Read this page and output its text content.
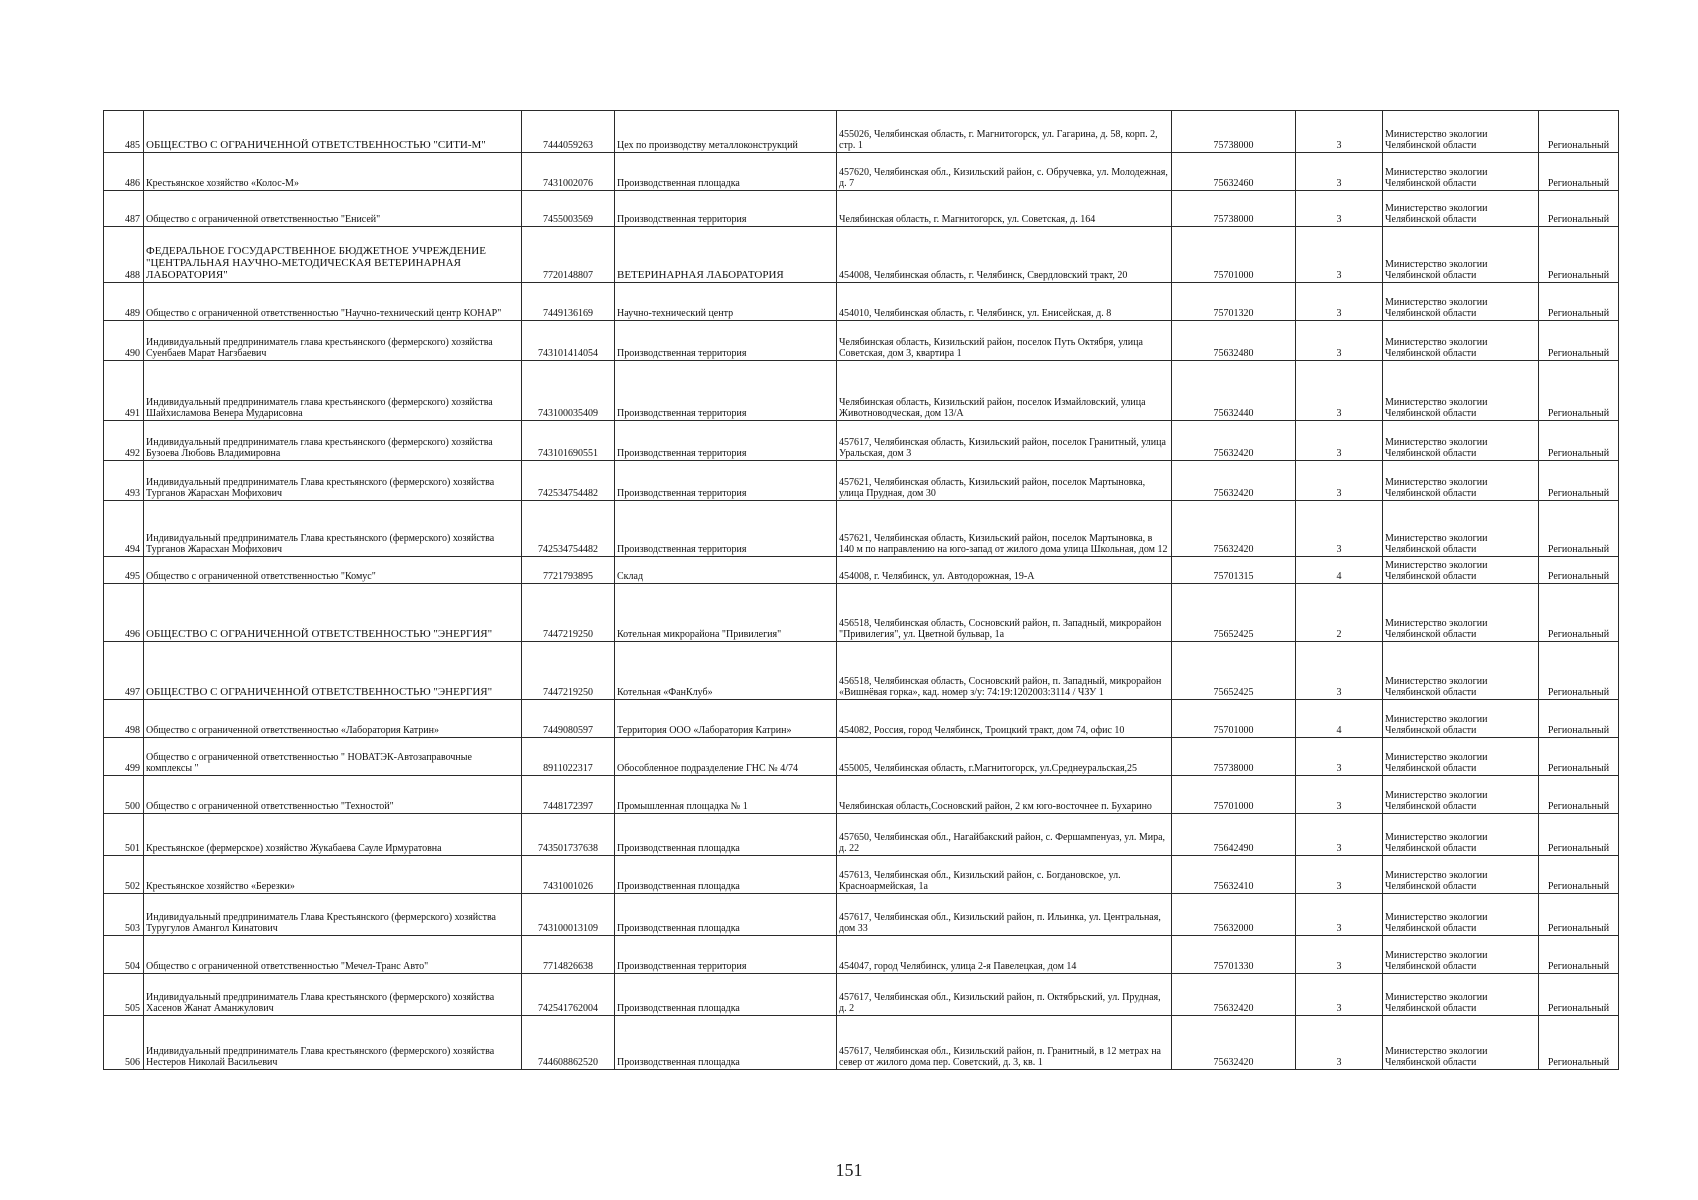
485	ОБЩЕСТВО С ОГРАНИЧЕННОЙ ОТВЕТСТВЕННОСТЬЮ "СИТИ-М"	7444059263	Цех по производству металлоконструкций	455026, Челябинская область, г. Магнитогорск, ул. Гагарина, д. 58, корп. 2, стр. 1	75738000	3	Министерство экологии Челябинской области	Региональный
486	Крестьянское хозяйство «Колос-М»	7431002076	Производственная площадка	457620, Челябинская обл., Кизильский район, с. Обручевка, ул. Молодежная, д. 7	75632460	3	Министерство экологии Челябинской области	Региональный
487	Общество с ограниченной ответственностью "Енисей"	7455003569	Производственная территория	Челябинская область, г. Магнитогорск, ул. Советская, д. 164	75738000	3	Министерство экологии Челябинской области	Региональный
488	ФЕДЕРАЛЬНОЕ ГОСУДАРСТВЕННОЕ БЮДЖЕТНОЕ УЧРЕЖДЕНИЕ "ЦЕНТРАЛЬНАЯ НАУЧНО-МЕТОДИЧЕСКАЯ ВЕТЕРИНАРНАЯ ЛАБОРАТОРИЯ"	7720148807	ВЕТЕРИНАРНАЯ ЛАБОРАТОРИЯ	454008, Челябинская область, г. Челябинск, Свердловский тракт, 20	75701000	3	Министерство экологии Челябинской области	Региональный
489	Общество с ограниченной ответственностью "Научно-технический центр КОНАР"	7449136169	Научно-технический центр	454010, Челябинская область, г. Челябинск, ул. Енисейская, д. 8	75701320	3	Министерство экологии Челябинской области	Региональный
490	Индивидуальный предприниматель глава крестьянского (фермерского) хозяйства Суенбаев Марат Нагзбаевич	743101414054	Производственная территория	Челябинская область, Кизильский район, поселок Путь Октября, улица Советская, дом 3, квартира 1	75632480	3	Министерство экологии Челябинской области	Региональный
491	Индивидуальный предприниматель глава крестьянского (фермерского) хозяйства Шайхисламова Венера Мударисовна	743100035409	Производственная территория	Челябинская область, Кизильский район, поселок Измайловский, улица Животноводческая, дом 13/А	75632440	3	Министерство экологии Челябинской области	Региональный
492	Индивидуальный предприниматель глава крестьянского (фермерского) хозяйства Бузоева Любовь Владимировна	743101690551	Производственная территория	457617, Челябинская область, Кизильский район, поселок Гранитный, улица Уральская, дом 3	75632420	3	Министерство экологии Челябинской области	Региональный
493	Индивидуальный предприниматель Глава крестьянского (фермерского) хозяйства Турганов Жарасхан Мофихович	742534754482	Производственная территория	457621, Челябинская область, Кизильский район, поселок Мартыновка, улица Прудная, дом 30	75632420	3	Министерство экологии Челябинской области	Региональный
494	Индивидуальный предприниматель Глава крестьянского (фермерского) хозяйства Турганов Жарасхан Мофихович	742534754482	Производственная территория	457621, Челябинская область, Кизильский район, поселок Мартыновка, в 140 м по направлению на юго-запад от жилого дома улица Школьная, дом 12	75632420	3	Министерство экологии Челябинской области	Региональный
495	Общество с ограниченной ответственностью "Комус"	7721793895	Склад	454008, г. Челябинск, ул. Автодорожная, 19-А	75701315	4	Министерство экологии Челябинской области	Региональный
496	ОБЩЕСТВО С ОГРАНИЧЕННОЙ ОТВЕТСТВЕННОСТЬЮ "ЭНЕРГИЯ"	7447219250	Котельная микрорайона "Привилегия"	456518, Челябинская область, Сосновский район, п. Западный, микрорайон "Привилегия", ул. Цветной бульвар, 1а	75652425	2	Министерство экологии Челябинской области	Региональный
497	ОБЩЕСТВО С ОГРАНИЧЕННОЙ ОТВЕТСТВЕННОСТЬЮ "ЭНЕРГИЯ"	7447219250	Котельная «ФанКлуб»	456518, Челябинская область, Сосновский район, п. Западный, микрорайон «Вишнёвая горка», кад. номер з/у: 74:19:1202003:3114 / ЧЗУ 1	75652425	3	Министерство экологии Челябинской области	Региональный
498	Общество с ограниченной ответственностью «Лаборатория Катрин»	7449080597	Территория ООО «Лаборатория Катрин»	454082, Россия, город Челябинск, Троицкий тракт, дом 74, офис 10	75701000	4	Министерство экологии Челябинской области	Региональный
499	Общество с ограниченной ответственностью " НОВАТЭК-Автозаправочные комплексы "	8911022317	Обособленное подразделение ГНС № 4/74	455005, Челябинская область, г.Магнитогорск, ул.Среднеуральская,25	75738000	3	Министерство экологии Челябинской области	Региональный
500	Общество с ограниченной ответственностью "Техностой"	7448172397	Промышленная площадка № 1	Челябинская область,Сосновский район, 2 км юго-восточнее п. Бухарино	75701000	3	Министерство экологии Челябинской области	Региональный
501	Крестьянское (фермерское) хозяйство Жукабаева Сауле Ирмуратовна	743501737638	Производственная площадка	457650, Челябинская обл., Нагайбакский район, с. Фершампенуаз, ул. Мира, д. 22	75642490	3	Министерство экологии Челябинской области	Региональный
502	Крестьянское хозяйство «Березки»	7431001026	Производственная площадка	457613, Челябинская обл., Кизильский район, с. Богдановское, ул. Красноармейская, 1а	75632410	3	Министерство экологии Челябинской области	Региональный
503	Индивидуальный предприниматель Глава Крестьянского (фермерского) хозяйства Туругулов Амангол Кинатович	743100013109	Производственная площадка	457617, Челябинская обл., Кизильский район, п. Ильинка, ул. Центральная, дом 33	75632000	3	Министерство экологии Челябинской области	Региональный
504	Общество с ограниченной ответственностью "Мечел-Транс Авто"	7714826638	Производственная территория	454047, город Челябинск, улица 2-я Павелецкая, дом 14	75701330	3	Министерство экологии Челябинской области	Региональный
505	Индивидуальный предприниматель Глава крестьянского (фермерского) хозяйства Хасенов Жанат Аманжулович	742541762004	Производственная площадка	457617, Челябинская обл., Кизильский район, п. Октябрьский, ул. Прудная, д. 2	75632420	3	Министерство экологии Челябинской области	Региональный
506	Индивидуальный предприниматель Глава крестьянского (фермерского) хозяйства Нестеров Николай Васильевич	744608862520	Производственная площадка	457617, Челябинская обл., Кизильский район, п. Гранитный, в 12 метрах на север от жилого дома пер. Советский, д. 3, кв. 1	75632420	3	Министерство экологии Челябинской области	Региональный
151
